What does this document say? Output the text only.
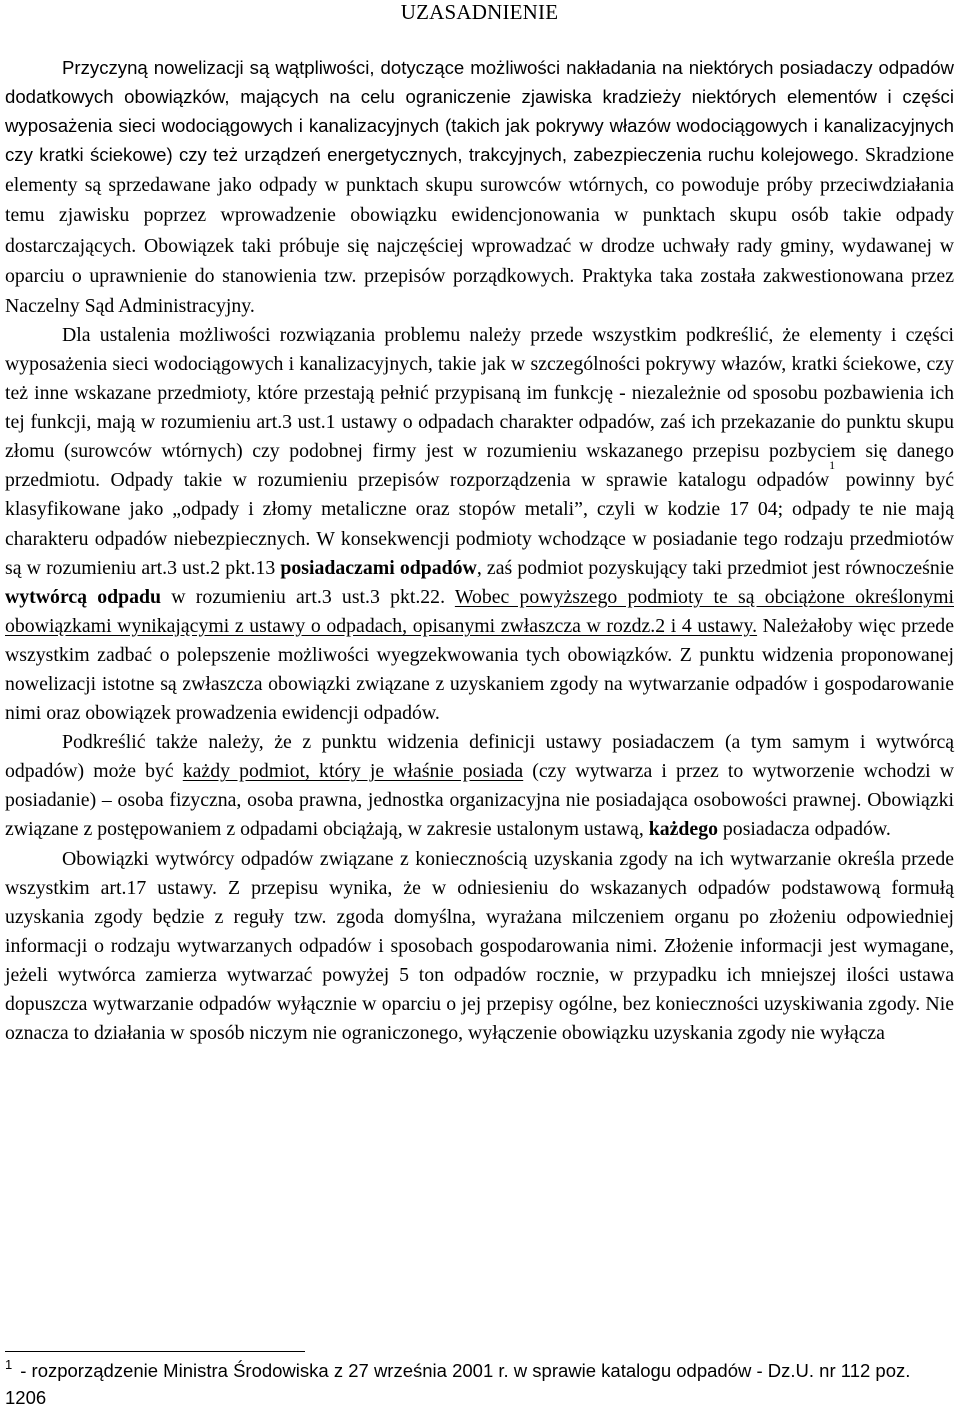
UZASADNIENIE

Przyczyną nowelizacji są wątpliwości, dotyczące możliwości nakładania na niektórych posiadaczy odpadów dodatkowych obowiązków, mających na celu ograniczenie zjawiska kradzieży niektórych elementów i części wyposażenia sieci wodociągowych i kanalizacyjnych (takich jak pokrywy włazów wodociągowych i kanalizacyjnych czy kratki ściekowe) czy też urządzeń energetycznych, trakcyjnych, zabezpieczenia ruchu kolejowego. Skradzione elementy są sprzedawane jako odpady w punktach skupu surowców wtórnych, co powoduje próby przeciwdziałania temu zjawisku poprzez wprowadzenie obowiązku ewidencjonowania w punktach skupu osób takie odpady dostarczających. Obowiązek taki próbuje się najczęściej wprowadzać w drodze uchwały rady gminy, wydawanej w oparciu o uprawnienie do stanowienia tzw. przepisów porządkowych. Praktyka taka została zakwestionowana przez Naczelny Sąd Administracyjny.

Dla ustalenia możliwości rozwiązania problemu należy przede wszystkim podkreślić, że elementy i części wyposażenia sieci wodociągowych i kanalizacyjnych, takie jak w szczególności pokrywy włazów, kratki ściekowe, czy też inne wskazane przedmioty, które przestają pełnić przypisaną im funkcję - niezależnie od sposobu pozbawienia ich tej funkcji, mają w rozumieniu art.3 ust.1 ustawy o odpadach charakter odpadów, zaś ich przekazanie do punktu skupu złomu (surowców wtórnych) czy podobnej firmy jest w rozumieniu wskazanego przepisu pozbyciem się danego przedmiotu. Odpady takie w rozumieniu przepisów rozporządzenia w sprawie katalogu odpadów$^1$ powinny być klasyfikowane jako „odpady i złomy metaliczne oraz stopów metali”, czyli w kodzie 17 04; odpady te nie mają charakteru odpadów niebezpiecznych. W konsekwencji podmioty wchodzące w posiadanie tego rodzaju przedmiotów są w rozumieniu art.3 ust.2 pkt.13 posiadaczami odpadów, zaś podmiot pozyskujący taki przedmiot jest równocześnie wytwórcą odpadu w rozumieniu art.3 ust.3 pkt.22. Wobec powyższego podmioty te są obciążone określonymi obowiązkami wynikającymi z ustawy o odpadach, opisanymi zwłaszcza w rozdz.2 i 4 ustawy. Należałoby więc przede wszystkim zadbać o polepszenie możliwości wyegzekwowania tych obowiązków. Z punktu widzenia proponowanej nowelizacji istotne są zwłaszcza obowiązki związane z uzyskaniem zgody na wytwarzanie odpadów i gospodarowanie nimi oraz obowiązek prowadzenia ewidencji odpadów.

Podkreślić także należy, że z punktu widzenia definicji ustawy posiadaczem (a tym samym i wytwórcą odpadów) może być każdy podmiot, który je właśnie posiada (czy wytwarza i przez to wytworzenie wchodzi w posiadanie) – osoba fizyczna, osoba prawna, jednostka organizacyjna nie posiadająca osobowości prawnej. Obowiązki związane z postępowaniem z odpadami obciążają, w zakresie ustalonym ustawą, każdego posiadacza odpadów.

Obowiązki wytwórcy odpadów związane z koniecznością uzyskania zgody na ich wytwarzanie określa przede wszystkim art.17 ustawy. Z przepisu wynika, że w odniesieniu do wskazanych odpadów podstawową formułą uzyskania zgody będzie z reguły tzw. zgoda domyślna, wyrażana milczeniem organu po złożeniu odpowiedniej informacji o rodzaju wytwarzanych odpadów i sposobach gospodarowania nimi. Złożenie informacji jest wymagane, jeżeli wytwórca zamierza wytwarzać powyżej 5 ton odpadów rocznie, w przypadku ich mniejszej ilości ustawa dopuszcza wytwarzanie odpadów wyłącznie w oparciu o jej przepisy ogólne, bez konieczności uzyskiwania zgody. Nie oznacza to działania w sposób niczym nie ograniczonego, wyłączenie obowiązku uzyskania zgody nie wyłącza

$^1$ - rozporządzenie Ministra Środowiska z 27 września 2001 r. w sprawie katalogu odpadów - Dz.U. nr 112 poz. 1206
